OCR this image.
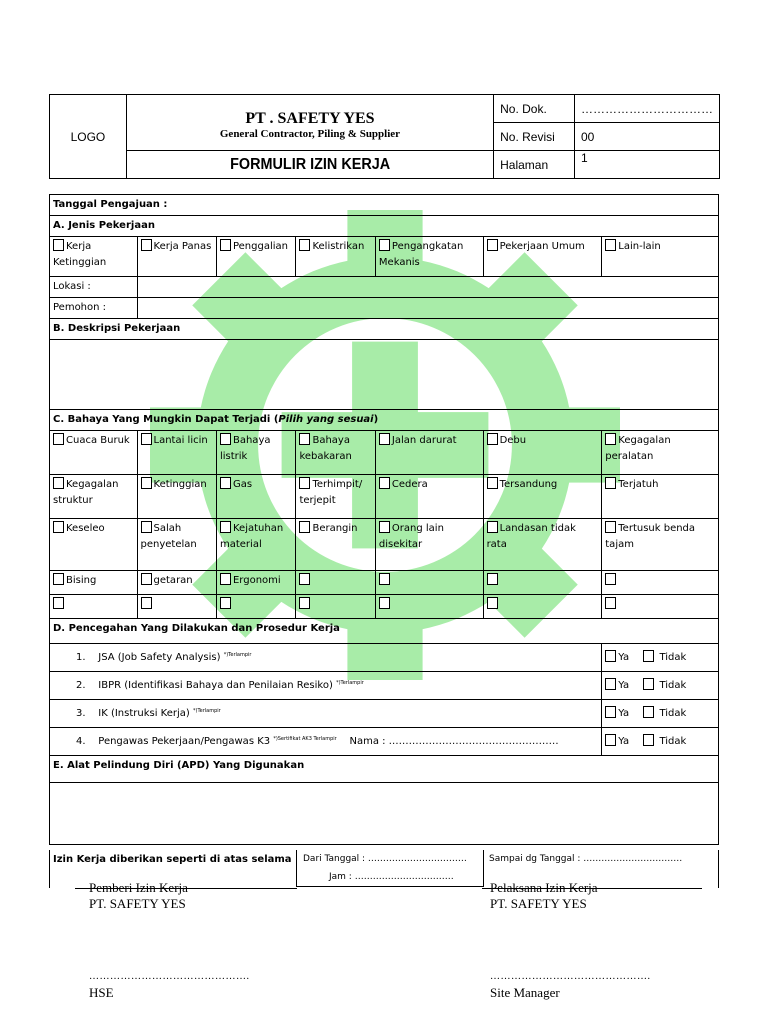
LOGO	PT . SAFETY YES
General Contractor, Piling & Supplier	No. Dok.	……………………………
		No. Revisi	00

	FORMULIR IZIN KERJA	Halaman	1
Tanggal Pengajuan :						
A. Jenis Pekerjaan						
Kerja Ketinggian	Kerja Panas	Penggalian	Kelistrikan	Pengangkatan Mekanis	Pekerjaan Umum	Lain-lain
Lokasi :						
Pemohon :						
B. Deskripsi Pekerjaan						

C. Bahaya Yang Mungkin Dapat Terjadi (Pilih yang sesuai)						
Cuaca Buruk	Lantai licin	Bahaya listrik	Bahaya kebakaran	Jalan darurat	Debu	Kegagalan peralatan
Kegagalan struktur	Ketinggian	Gas	Terhimpit/ terjepit	Cedera	Tersandung	Terjatuh
Keseleo	Salah penyetelan	Kejatuhan material	Berangin	Orang lain disekitar	Landasan tidak rata	Tertusuk benda tajam
Bising	getaran	Ergonomi				

D. Pencegahan Yang Dilakukan dan Prosedur Kerja						
1. JSA (Job Safety Analysis) $^{*)Terlampir}$						Ya Tidak
2. IBPR (Identifikasi Bahaya dan Penilaian Resiko) $^{*)Terlampir}$						Ya Tidak
3. IK (Instruksi Kerja) $^{*)Terlampir}$						Ya Tidak
4. Pengawas Pekerjaan/Pengawas K3 $^{*)Sertifikat AK3 Terlampir}$ Nama : ……………………………………………						Ya Tidak
E. Alat Pelindung Diri (APD) Yang Digunakan						

Izin Kerja diberikan seperti di atas selama Dari Tanggal : ……………………………
Jam : ……………………………
Sampai dg Tanggal : ……………………………
Pemberi Izin Kerja
PT. SAFETY YES
Pelaksana Izin Kerja
PT. SAFETY YES
……………………………………….	……………………………………….
HSE	Site Manager
